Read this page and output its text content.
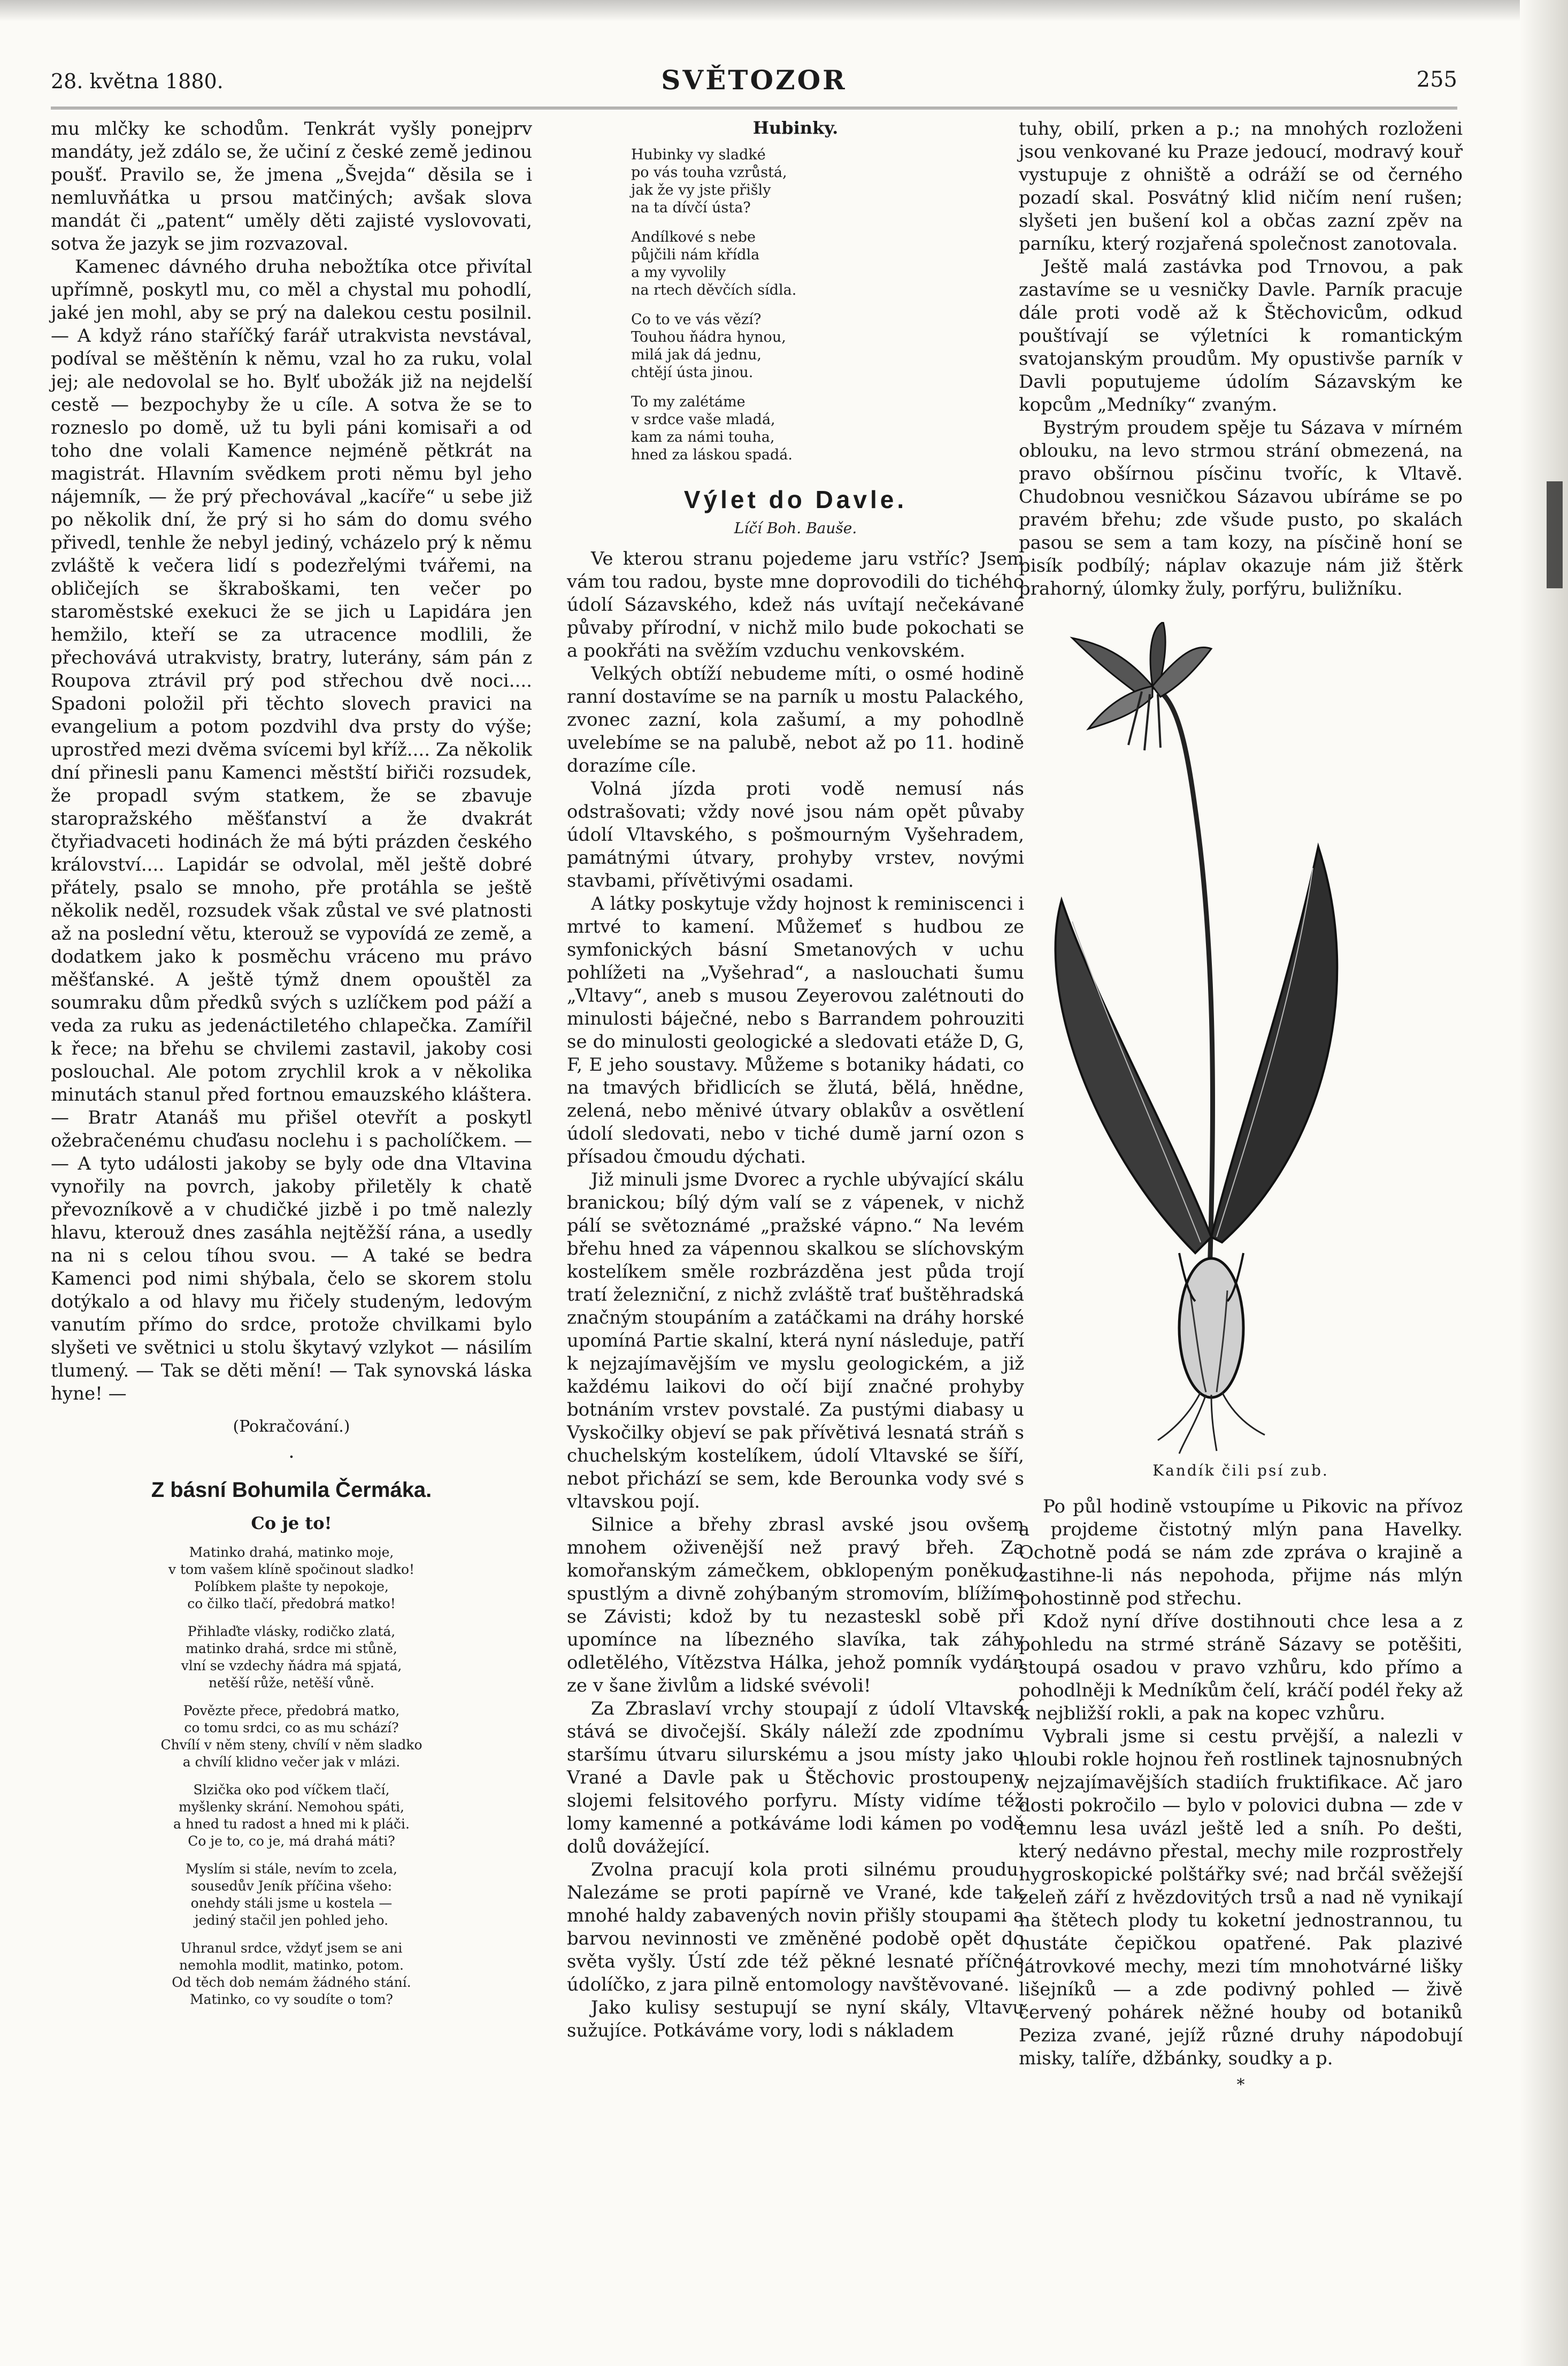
28. května 1880.	SVĚTOZOR	255

mu mlčky ke schodům. Tenkrát vyšly ponejprv mandáty, jež zdálo se, že učiní z české země jedinou poušť. Pravilo se, že jmena „Švejda“ děsila se i nemluvňátka u prsou matčiných; avšak slova mandát či „patent“ uměly děti zajisté vyslovovati, sotva že jazyk se jim rozvazoval.

Kamenec dávného druha nebožtíka otce přivítal upřímně, poskytl mu, co měl a chystal mu pohodlí, jaké jen mohl, aby se prý na dalekou cestu posilnil. — A když ráno staříčký farář utrakvista nevstával, podíval se měštěnín k němu, vzal ho za ruku, volal jej; ale nedovolal se ho. Bylť ubožák již na nejdelší cestě — bezpochyby že u cíle. A sotva že se to rozneslo po domě, už tu byli páni komisaři a od toho dne volali Kamence nejméně pětkrát na magistrát. Hlavním svědkem proti němu byl jeho nájemník, — že prý přechovával „kacíře“ u sebe již po několik dní, že prý si ho sám do domu svého přivedl, tenhle že nebyl jediný, vcházelo prý k němu zvláště k večera lidí s podezřelými tvářemi, na obličejích se škraboškami, ten večer po staroměstské exekuci že se jich u Lapidára jen hemžilo, kteří se za utracence modlili, že přechovává utrakvisty, bratry, luterány, sám pán z Roupova ztrávil prý pod střechou dvě noci.... Spadoni položil při těchto slovech pravici na evangelium a potom pozdvihl dva prsty do výše; uprostřed mezi dvěma svícemi byl kříž.... Za několik dní přinesli panu Kamenci městští biřiči rozsudek, že propadl svým statkem, že se zbavuje staropražského měšťanství a že dvakrát čtyřiadvaceti hodinách že má býti prázden českého království.... Lapidár se odvolal, měl ještě dobré přátely, psalo se mnoho, pře protáhla se ještě několik neděl, rozsudek však zůstal ve své platnosti až na poslední větu, kterouž se vypovídá ze země, a dodatkem jako k posměchu vráceno mu právo měšťanské. A ještě týmž dnem opouštěl za soumraku dům předků svých s uzlíčkem pod páží a veda za ruku as jedenáctiletého chlapečka. Zamířil k řece; na břehu se chvilemi zastavil, jakoby cosi poslouchal. Ale potom zrychlil krok a v několika minutách stanul před fortnou emauzského kláštera. — Bratr Atanáš mu přišel otevřít a poskytl ožebračenému chuďasu noclehu i s pacholíčkem. — — A tyto události jakoby se byly ode dna Vltavina vynořily na povrch, jakoby přiletěly k chatě převozníkově a v chudičké jizbě i po tmě nalezly hlavu, kterouž dnes zasáhla nejtěžší rána, a usedly na ni s celou tíhou svou. — A také se bedra Kamenci pod nimi shýbala, čelo se skorem stolu dotýkalo a od hlavy mu řičely studeným, ledovým vanutím přímo do srdce, protože chvilkami bylo slyšeti ve světnici u stolu škytavý vzlykot — násilím tlumený. — Tak se děti mění! — Tak synovská láska hyne! —

(Pokračování.)
•
Z básní Bohumila Čermáka.
Co je to!
Matinko drahá, matinko moje,
v tom vašem klíně spočinout sladko!
Políbkem plašte ty nepokoje,
co čilko tlačí, předobrá matko!
Přihlaďte vlásky, rodičko zlatá,
matinko drahá, srdce mi stůně,
vlní se vzdechy ňádra má spjatá,
netěší růže, netěší vůně.
Povězte přece, předobrá matko,
co tomu srdci, co as mu schází?
Chvílí v něm steny, chvílí v něm sladko
a chvílí klidno večer jak v mlázi.
Slzička oko pod víčkem tlačí,
myšlenky skrání. Nemohou spáti,
a hned tu radost a hned mi k pláči.
Co je to, co je, má drahá máti?
Myslím si stále, nevím to zcela,
sousedův Jeník příčina všeho:
onehdy stáli jsme u kostela —
jediný stačil jen pohled jeho.
Uhranul srdce, vždyť jsem se ani
nemohla modlit, matinko, potom.
Od těch dob nemám žádného stání.
Matinko, co vy soudíte o tom?
Hubinky.
Hubinky vy sladké
po vás touha vzrůstá,
jak že vy jste přišly
na ta dívčí ústa?
Andílkové s nebe
půjčili nám křídla
a my vyvolily
na rtech děvčích sídla.
Co to ve vás vězí?
Touhou ňádra hynou,
milá jak dá jednu,
chtějí ústa jinou.
To my zalétáme
v srdce vaše mladá,
kam za námi touha,
hned za láskou spadá.
Výlet do Davle.
Líčí Boh. Bauše.

Ve kterou stranu pojedeme jaru vstříc? Jsem vám tou radou, byste mne doprovodili do tichého údolí Sázavského, kdež nás uvítají nečekávané půvaby přírodní, v nichž milo bude pokochati se a pookřáti na svěžím vzduchu venkovském.

Velkých obtíží nebudeme míti, o osmé hodině ranní dostavíme se na parník u mostu Palackého, zvonec zazní, kola zašumí, a my pohodlně uvelebíme se na palubě, nebot až po 11. hodině dorazíme cíle.

Volná jízda proti vodě nemusí nás odstrašovati; vždy nové jsou nám opět půvaby údolí Vltavského, s pošmourným Vyšehradem, památnými útvary, prohyby vrstev, novými stavbami, přívětivými osadami.

A látky poskytuje vždy hojnost k reminiscenci i mrtvé to kamení. Můžemeť s hudbou ze symfonických básní Smetanových v uchu pohlížeti na „Vyšehrad“, a naslouchati šumu „Vltavy“, aneb s musou Zeyerovou zalétnouti do minulosti báječné, nebo s Barrandem pohrouziti se do minulosti geologické a sledovati etáže D, G, F, E jeho soustavy. Můžeme s botaniky hádati, co na tmavých břidlicích se žlutá, bělá, hnědne, zelená, nebo měnivé útvary oblakův a osvětlení údolí sledovati, nebo v tiché dumě jarní ozon s přísadou čmoudu dýchati.

Již minuli jsme Dvorec a rychle ubývající skálu branickou; bílý dým valí se z vápenek, v nichž pálí se světoznámé „pražské vápno.“ Na levém břehu hned za vápennou skalkou se slíchovským kostelíkem směle rozbrázděna jest půda trojí tratí železniční, z nichž zvláště trať buštěhradská značným stoupáním a zatáčkami na dráhy horské upomíná Partie skalní, která nyní následuje, patří k nejzajímavějším ve myslu geologickém, a již každému laikovi do očí bijí značné prohyby botnáním vrstev povstalé. Za pustými diabasy u Vyskočilky objeví se pak přívětivá lesnatá stráň s chuchelským kostelíkem, údolí Vltavské se šíří, nebot přichází se sem, kde Berounka vody své s vltavskou pojí.

Silnice a břehy zbrasl avské jsou ovšem mnohem oživenější než pravý břeh. Za komořanským zámečkem, obklopeným poněkud spustlým a divně zohýbaným stromovím, blížíme se Závisti; kdož by tu nezasteskl sobě při upomínce na líbezného slavíka, tak záhy odletělého, Vítězstva Hálka, jehož pomník vydán ze v šane živlům a lidské svévoli!

Za Zbraslaví vrchy stoupají z údolí Vltavské stává se divočejší. Skály náleží zde zpodnímu staršímu útvaru silurskému a jsou místy jako u Vrané a Davle pak u Štěchovic prostoupeny slojemi felsitového porfyru. Místy vidíme též lomy kamenné a potkáváme lodi kámen po vodě dolů dovážející.

Zvolna pracují kola proti silnému proudu. Nalezáme se proti papírně ve Vrané, kde tak mnohé haldy zabavených novin přišly stoupami a barvou nevinnosti ve změněné podobě opět do světa vyšly. Ústí zde též pěkné lesnaté příčné údolíčko, z jara pilně entomology navštěvované.

Jako kulisy sestupují se nyní skály, Vltavu sužujíce. Potkáváme vory, lodi s nákladem

tuhy, obilí, prken a p.; na mnohých rozloženi jsou venkované ku Praze jedoucí, modravý kouř vystupuje z ohniště a odráží se od černého pozadí skal. Posvátný klid ničím není rušen; slyšeti jen bušení kol a občas zazní zpěv na parníku, který rozjařená společnost zanotovala.

Ještě malá zastávka pod Trnovou, a pak zastavíme se u vesničky Davle. Parník pracuje dále proti vodě až k Štěchovicům, odkud pouštívají se výletníci k romantickým svatojanským proudům. My opustivše parník v Davli poputujeme údolím Sázavským ke kopcům „Medníky“ zvaným.

Bystrým proudem spěje tu Sázava v mírném oblouku, na levo strmou strání obmezená, na pravo obšírnou písčinu tvoříc, k Vltavě. Chudobnou vesničkou Sázavou ubíráme se po pravém břehu; zde všude pusto, po skalách pasou se sem a tam kozy, na písčině honí se pisík podbílý; náplav okazuje nám již štěrk prahorný, úlomky žuly, porfýru, buližníku.

Kandík čili psí zub.

Po půl hodině vstoupíme u Pikovic na přívoz a projdeme čistotný mlýn pana Havelky. Ochotně podá se nám zde zpráva o krajině a zastihne-li nás nepohoda, přijme nás mlýn pohostinně pod střechu.

Kdož nyní dříve dostihnouti chce lesa a z pohledu na strmé stráně Sázavy se potěšiti, stoupá osadou v pravo vzhůru, kdo přímo a pohodlněji k Medníkům čelí, kráčí podél řeky až k nejbližší rokli, a pak na kopec vzhůru.

Vybrali jsme si cestu prvější, a nalezli v hloubi rokle hojnou řeň rostlinek tajnosnubných v nejzajímavějších stadiích fruktifikace. Ač jaro dosti pokročilo — bylo v polovici dubna — zde v temnu lesa uvázl ještě led a sníh. Po dešti, který nedávno přestal, mechy mile rozprostřely hygroskopické polštářky své; nad brčál svěžejší zeleň září z hvězdovitých trsů a nad ně vynikají na štětech plody tu koketní jednostrannou, tu hustáte čepičkou opatřené. Pak plazivé játrovkové mechy, mezi tím mnohotvárné lišky lišejníků — a zde podivný pohled — živě červený pohárek něžné houby od botaniků Peziza zvané, jejíž různé druhy nápodobují misky, talíře, džbánky, soudky a p.

*
